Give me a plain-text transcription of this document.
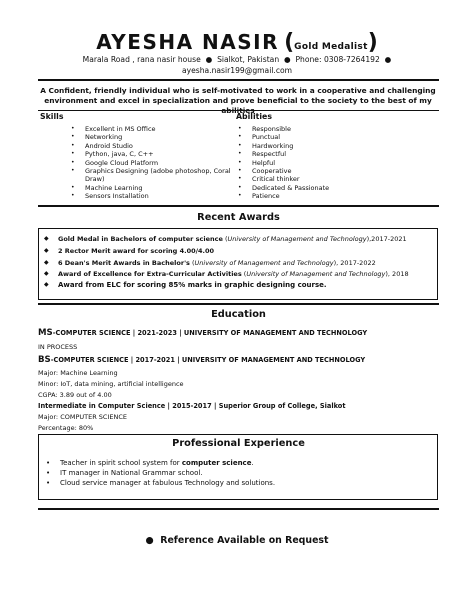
AYESHA NASIR (Gold Medalist)
Marala Road , rana nasir house  ●  Sialkot, Pakistan  ●  Phone: 0308-7264192  ●
ayesha.nasir199@gmail.com
A Confident, friendly individual who is self-motivated to work in a cooperative and challenging environment and excel in specialization and prove beneficial to the society to the best of my
Skills	Abilities
• Excellent in MS Office
• Networking
• Android Studio
• Python, java, C, C++
• Google Cloud Platform
• Graphics Designing (adobe photoshop, Coral
Draw)
• Machine Learning
• Sensors Installation
• Responsible
• Punctual
• Hardworking
• Respectful
• Helpful
• Cooperative
• Critical thinker
• Dedicated & Passionate
• Patience
Recent Awards
◆ Gold Medal in Bachelors of computer science (University of Management and Technology),2017-2021
◆ 2 Rector Merit award for scoring 4.00/4.00
◆ 6 Dean's Merit Awards in Bachelor's (University of Management and Technology), 2017-2022
◆ Award of Excellence for Extra-Curricular Activities (University of Management and Technology), 2018
◆ Award from ELC for scoring 85% marks in graphic designing course.
Education
MS-COMPUTER SCIENCE | 2021-2023 | UNIVERSITY OF MANAGEMENT AND TECHNOLOGY
IN PROCESS
BS-COMPUTER SCIENCE | 2017-2021 | UNIVERSITY OF MANAGEMENT AND TECHNOLOGY
Major: Machine Learning
Minor: IoT, data mining, artificial intelligence
CGPA: 3.89 out of 4.00
Intermediate in Computer Science | 2015-2017 | Superior Group of College, Sialkot
Major: COMPUTER SCIENCE
Percentage: 80%
Professional Experience
• Teacher in spirit school system for computer science.
• IT manager in National Grammar school.
• Cloud service manager at fabulous Technology and solutions.
●  Reference Available on Request
